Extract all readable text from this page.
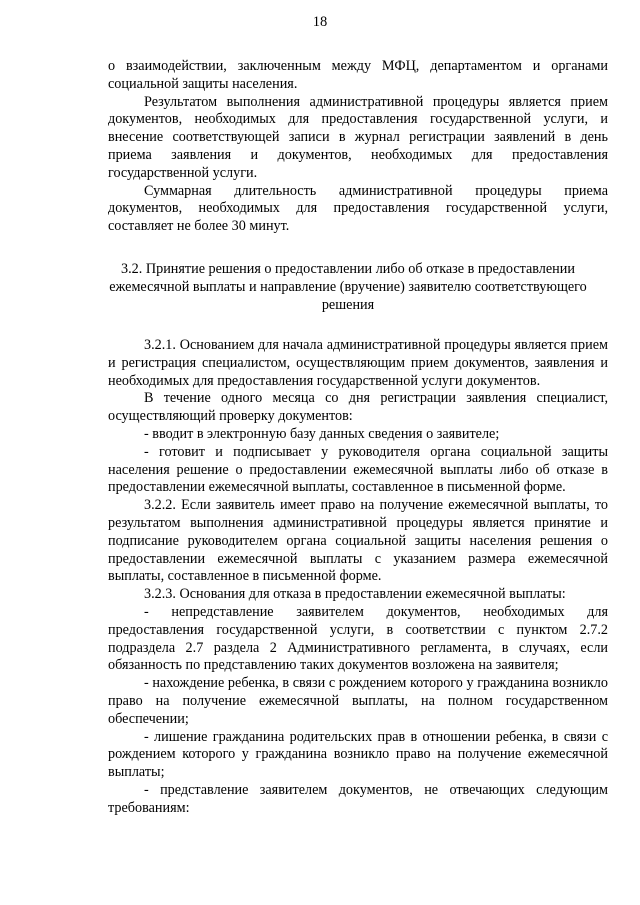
18

о взаимодействии, заключенным между МФЦ, департаментом и органами социальной защиты населения.

Результатом выполнения административной процедуры является прием документов, необходимых для предоставления государственной услуги, и внесение соответствующей записи в журнал регистрации заявлений в день приема заявления и документов, необходимых для предоставления государственной услуги.

Суммарная длительность административной процедуры приема документов, необходимых для предоставления государственной услуги, составляет не более 30 минут.

3.2. Принятие решения о предоставлении либо об отказе в предоставлении ежемесячной выплаты и направление (вручение) заявителю соответствующего решения

3.2.1. Основанием для начала административной процедуры является прием и регистрация специалистом, осуществляющим прием документов, заявления и необходимых для предоставления государственной услуги документов.

В течение одного месяца со дня регистрации заявления специалист, осуществляющий проверку документов:

- вводит в электронную базу данных сведения о заявителе;

- готовит и подписывает у руководителя органа социальной защиты населения решение о предоставлении ежемесячной выплаты либо об отказе в предоставлении ежемесячной выплаты, составленное в письменной форме.

3.2.2. Если заявитель имеет право на получение ежемесячной выплаты, то результатом выполнения административной процедуры является принятие и подписание руководителем органа социальной защиты населения решения о предоставлении ежемесячной выплаты с указанием размера ежемесячной выплаты, составленное в письменной форме.

3.2.3. Основания для отказа в предоставлении ежемесячной выплаты:

- непредставление заявителем документов, необходимых для предоставления государственной услуги, в соответствии с пунктом 2.7.2 подраздела 2.7 раздела 2 Административного регламента, в случаях, если обязанность по представлению таких документов возложена на заявителя;

- нахождение ребенка, в связи с рождением которого у гражданина возникло право на получение ежемесячной выплаты, на полном государственном обеспечении;

- лишение гражданина родительских прав в отношении ребенка, в связи с рождением которого у гражданина возникло право на получение ежемесячной выплаты;

- представление заявителем документов, не отвечающих следующим требованиям:
